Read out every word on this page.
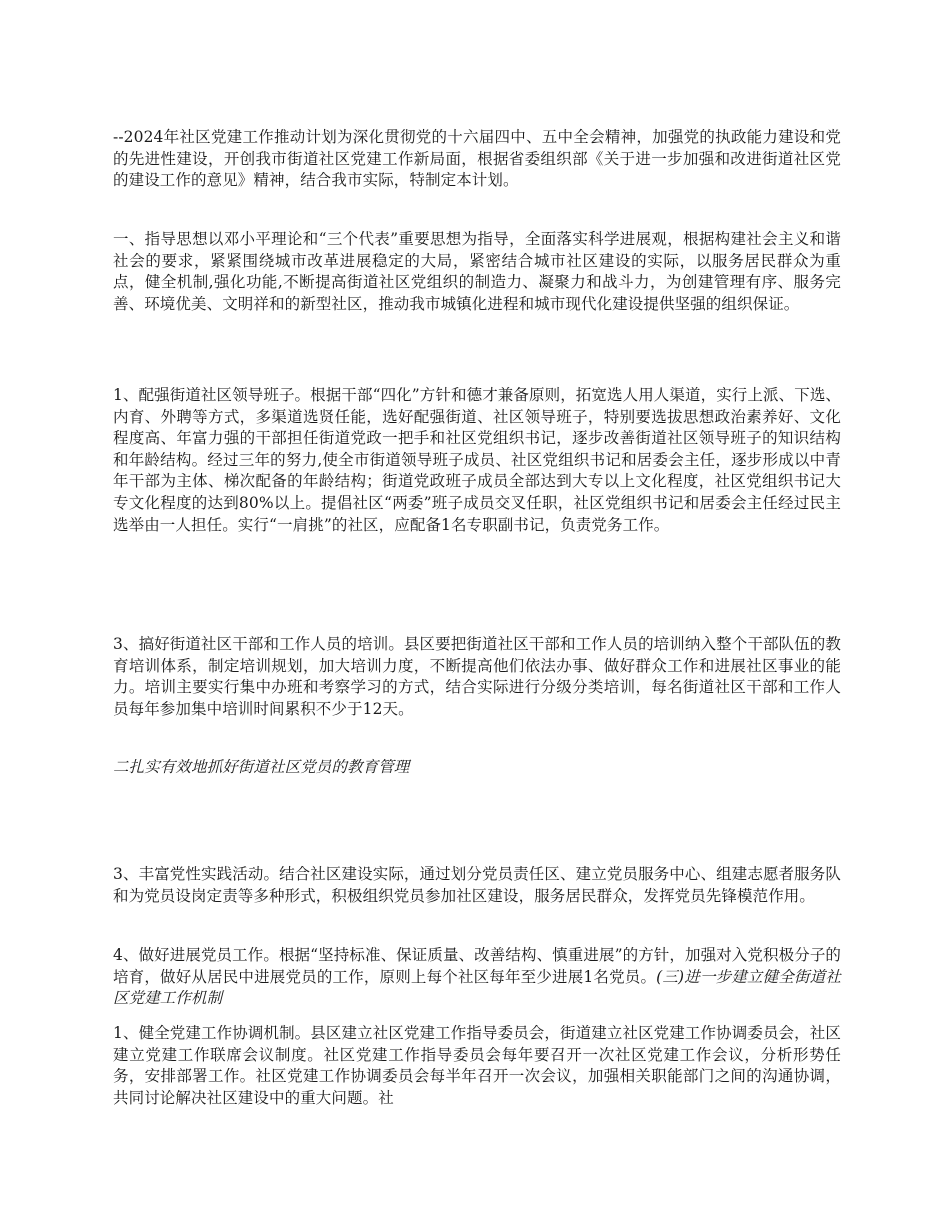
--2024年社区党建工作推动计划为深化贯彻党的十六届四中、五中全会精神，加强党的执政能力建设和党的先进性建设，开创我市街道社区党建工作新局面，根据省委组织部《关于进一步加强和改进街道社区党的建设工作的意见》精神，结合我市实际，特制定本计划。

一、指导思想以邓小平理论和“三个代表”重要思想为指导，全面落实科学进展观，根据构建社会主义和谐社会的要求，紧紧围绕城市改革进展稳定的大局，紧密结合城市社区建设的实际，以服务居民群众为重点，健全机制,强化功能,不断提高街道社区党组织的制造力、凝聚力和战斗力，为创建管理有序、服务完善、环境优美、文明祥和的新型社区，推动我市城镇化进程和城市现代化建设提供坚强的组织保证。

1、配强街道社区领导班子。根据干部“四化”方针和德才兼备原则，拓宽选人用人渠道，实行上派、下选、内育、外聘等方式，多渠道选贤任能，选好配强街道、社区领导班子，特别要选拔思想政治素养好、文化程度高、年富力强的干部担任街道党政一把手和社区党组织书记，逐步改善街道社区领导班子的知识结构和年龄结构。经过三年的努力,使全市街道领导班子成员、社区党组织书记和居委会主任，逐步形成以中青年干部为主体、梯次配备的年龄结构；街道党政班子成员全部达到大专以上文化程度，社区党组织书记大专文化程度的达到80%以上。提倡社区“两委”班子成员交叉任职，社区党组织书记和居委会主任经过民主选举由一人担任。实行“一肩挑”的社区，应配备1名专职副书记，负责党务工作。

3、搞好街道社区干部和工作人员的培训。县区要把街道社区干部和工作人员的培训纳入整个干部队伍的教育培训体系，制定培训规划，加大培训力度，不断提高他们依法办事、做好群众工作和进展社区事业的能力。培训主要实行集中办班和考察学习的方式，结合实际进行分级分类培训，每名街道社区干部和工作人员每年参加集中培训时间累积不少于12天。

二扎实有效地抓好街道社区党员的教育管理

3、丰富党性实践活动。结合社区建设实际，通过划分党员责任区、建立党员服务中心、组建志愿者服务队和为党员设岗定责等多种形式，积极组织党员参加社区建设，服务居民群众，发挥党员先锋模范作用。

4、做好进展党员工作。根据“坚持标准、保证质量、改善结构、慎重进展”的方针，加强对入党积极分子的培育，做好从居民中进展党员的工作，原则上每个社区每年至少进展1名党员。(三)进一步建立健全街道社区党建工作机制

1、健全党建工作协调机制。县区建立社区党建工作指导委员会，街道建立社区党建工作协调委员会，社区建立党建工作联席会议制度。社区党建工作指导委员会每年要召开一次社区党建工作会议，分析形势任务，安排部署工作。社区党建工作协调委员会每半年召开一次会议，加强相关职能部门之间的沟通协调，共同讨论解决社区建设中的重大问题。社
